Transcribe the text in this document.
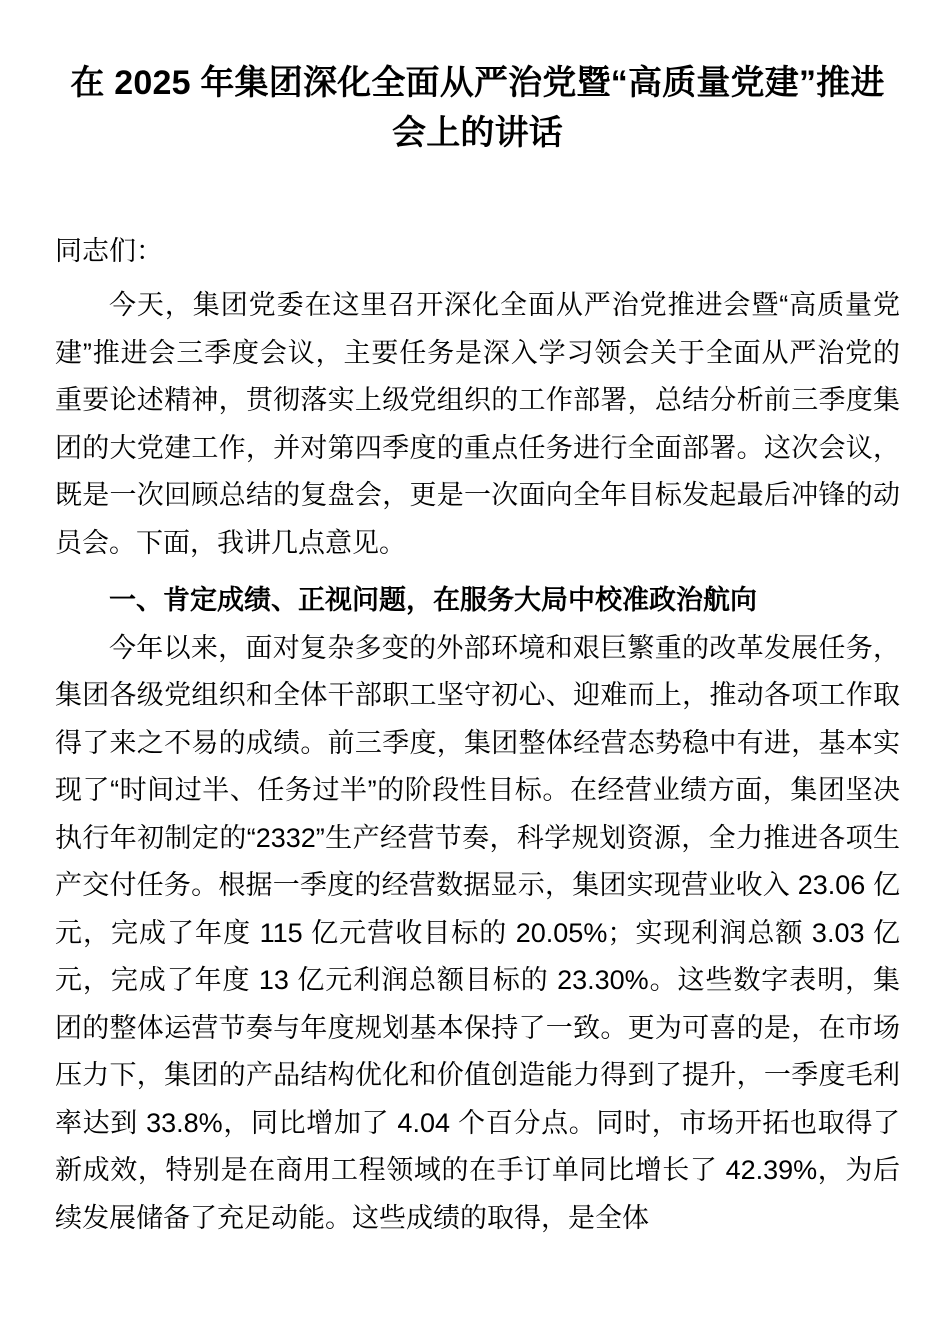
在 2025 年集团深化全面从严治党暨“高质量党建”推进会上的讲话

同志们：

今天，集团党委在这里召开深化全面从严治党推进会暨“高质量党建”推进会三季度会议，主要任务是深入学习领会关于全面从严治党的重要论述精神，贯彻落实上级党组织的工作部署，总结分析前三季度集团的大党建工作，并对第四季度的重点任务进行全面部署。这次会议，既是一次回顾总结的复盘会，更是一次面向全年目标发起最后冲锋的动员会。下面，我讲几点意见。

一、肯定成绩、正视问题，在服务大局中校准政治航向

今年以来，面对复杂多变的外部环境和艰巨繁重的改革发展任务，集团各级党组织和全体干部职工坚守初心、迎难而上，推动各项工作取得了来之不易的成绩。前三季度，集团整体经营态势稳中有进，基本实现了“时间过半、任务过半”的阶段性目标。在经营业绩方面，集团坚决执行年初制定的“2332”生产经营节奏，科学规划资源，全力推进各项生产交付任务。根据一季度的经营数据显示，集团实现营业收入 23.06 亿元，完成了年度 115 亿元营收目标的 20.05%；实现利润总额 3.03 亿元，完成了年度 13 亿元利润总额目标的 23.30%。这些数字表明，集团的整体运营节奏与年度规划基本保持了一致。更为可喜的是，在市场压力下，集团的产品结构优化和价值创造能力得到了提升，一季度毛利率达到 33.8%，同比增加了 4.04 个百分点。同时，市场开拓也取得了新成效，特别是在商用工程领域的在手订单同比增长了 42.39%，为后续发展储备了充足动能。这些成绩的取得，是全体
